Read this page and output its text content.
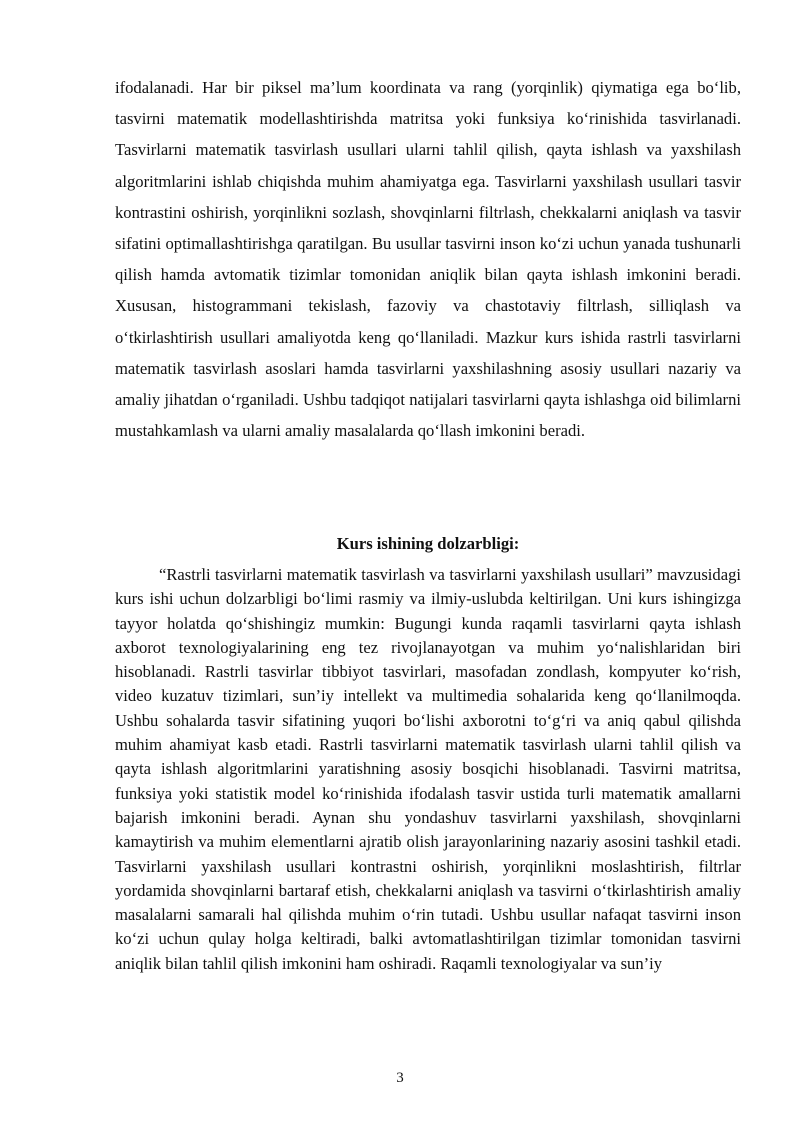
ifodalanadi. Har bir piksel ma’lum koordinata va rang (yorqinlik) qiymatiga ega bo‘lib, tasvirni matematik modellashtirishda matritsa yoki funksiya ko‘rinishida tasvirlanadi. Tasvirlarni matematik tasvirlash usullari ularni tahlil qilish, qayta ishlash va yaxshilash algoritmlarini ishlab chiqishda muhim ahamiyatga ega. Tasvirlarni yaxshilash usullari tasvir kontrastini oshirish, yorqinlikni sozlash, shovqinlarni filtrlash, chekkalarni aniqlash va tasvir sifatini optimallashtirishga qaratilgan. Bu usullar tasvirni inson ko‘zi uchun yanada tushunarli qilish hamda avtomatik tizimlar tomonidan aniqlik bilan qayta ishlash imkonini beradi. Xususan, histogrammani tekislash, fazoviy va chastotaviy filtrlash, silliqlash va o‘tkirlashtirish usullari amaliyotda keng qo‘llaniladi. Mazkur kurs ishida rastrli tasvirlarni matematik tasvirlash asoslari hamda tasvirlarni yaxshilashning asosiy usullari nazariy va amaliy jihatdan o‘rganiladi. Ushbu tadqiqot natijalari tasvirlarni qayta ishlashga oid bilimlarni mustahkamlash va ularni amaliy masalalarda qo‘llash imkonini beradi.

Kurs ishining dolzarbligi:

“Rastrli tasvirlarni matematik tasvirlash va tasvirlarni yaxshilash usullari” mavzusidagi kurs ishi uchun dolzarbligi bo‘limi rasmiy va ilmiy-uslubda keltirilgan. Uni kurs ishingizga tayyor holatda qo‘shishingiz mumkin: Bugungi kunda raqamli tasvirlarni qayta ishlash axborot texnologiyalarining eng tez rivojlanayotgan va muhim yo‘nalishlaridan biri hisoblanadi. Rastrli tasvirlar tibbiyot tasvirlari, masofadan zondlash, kompyuter ko‘rish, video kuzatuv tizimlari, sun’iy intellekt va multimedia sohalarida keng qo‘llanilmoqda. Ushbu sohalarda tasvir sifatining yuqori bo‘lishi axborotni to‘g‘ri va aniq qabul qilishda muhim ahamiyat kasb etadi. Rastrli tasvirlarni matematik tasvirlash ularni tahlil qilish va qayta ishlash algoritmlarini yaratishning asosiy bosqichi hisoblanadi. Tasvirni matritsa, funksiya yoki statistik model ko‘rinishida ifodalash tasvir ustida turli matematik amallarni bajarish imkonini beradi. Aynan shu yondashuv tasvirlarni yaxshilash, shovqinlarni kamaytirish va muhim elementlarni ajratib olish jarayonlarining nazariy asosini tashkil etadi. Tasvirlarni yaxshilash usullari kontrastni oshirish, yorqinlikni moslashtirish, filtrlar yordamida shovqinlarni bartaraf etish, chekkalarni aniqlash va tasvirni o‘tkirlashtirish amaliy masalalarni samarali hal qilishda muhim o‘rin tutadi. Ushbu usullar nafaqat tasvirni inson ko‘zi uchun qulay holga keltiradi, balki avtomatlashtirilgan tizimlar tomonidan tasvirni aniqlik bilan tahlil qilish imkonini ham oshiradi. Raqamli texnologiyalar va sun’iy

3
